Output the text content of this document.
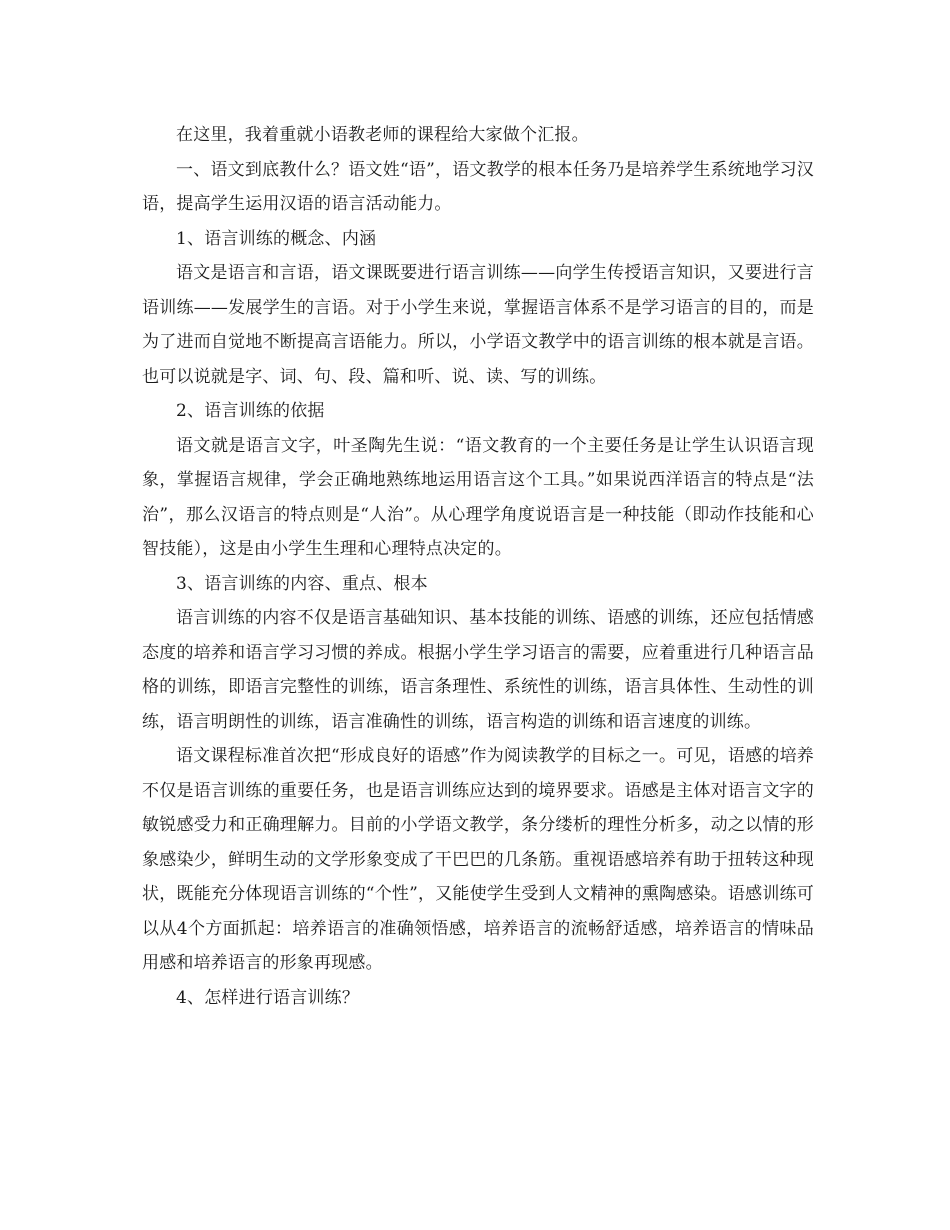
在这里，我着重就小语教老师的课程给大家做个汇报。

一、语文到底教什么？语文姓“语”，语文教学的根本任务乃是培养学生系统地学习汉语，提高学生运用汉语的语言活动能力。

1、语言训练的概念、内涵

语文是语言和言语，语文课既要进行语言训练——向学生传授语言知识，又要进行言语训练——发展学生的言语。对于小学生来说，掌握语言体系不是学习语言的目的，而是为了进而自觉地不断提高言语能力。所以，小学语文教学中的语言训练的根本就是言语。也可以说就是字、词、句、段、篇和听、说、读、写的训练。

2、语言训练的依据

语文就是语言文字，叶圣陶先生说：“语文教育的一个主要任务是让学生认识语言现象，掌握语言规律，学会正确地熟练地运用语言这个工具。”如果说西洋语言的特点是“法治”，那么汉语言的特点则是“人治”。从心理学角度说语言是一种技能（即动作技能和心智技能），这是由小学生生理和心理特点决定的。

3、语言训练的内容、重点、根本

语言训练的内容不仅是语言基础知识、基本技能的训练、语感的训练，还应包括情感态度的培养和语言学习习惯的养成。根据小学生学习语言的需要，应着重进行几种语言品格的训练，即语言完整性的训练，语言条理性、系统性的训练，语言具体性、生动性的训练，语言明朗性的训练，语言准确性的训练，语言构造的训练和语言速度的训练。

语文课程标准首次把“形成良好的语感”作为阅读教学的目标之一。可见，语感的培养不仅是语言训练的重要任务，也是语言训练应达到的境界要求。语感是主体对语言文字的敏锐感受力和正确理解力。目前的小学语文教学，条分缕析的理性分析多，动之以情的形象感染少，鲜明生动的文学形象变成了干巴巴的几条筋。重视语感培养有助于扭转这种现状，既能充分体现语言训练的“个性”，又能使学生受到人文精神的熏陶感染。语感训练可以从4个方面抓起：培养语言的准确领悟感，培养语言的流畅舒适感，培养语言的情味品用感和培养语言的形象再现感。

4、怎样进行语言训练？
